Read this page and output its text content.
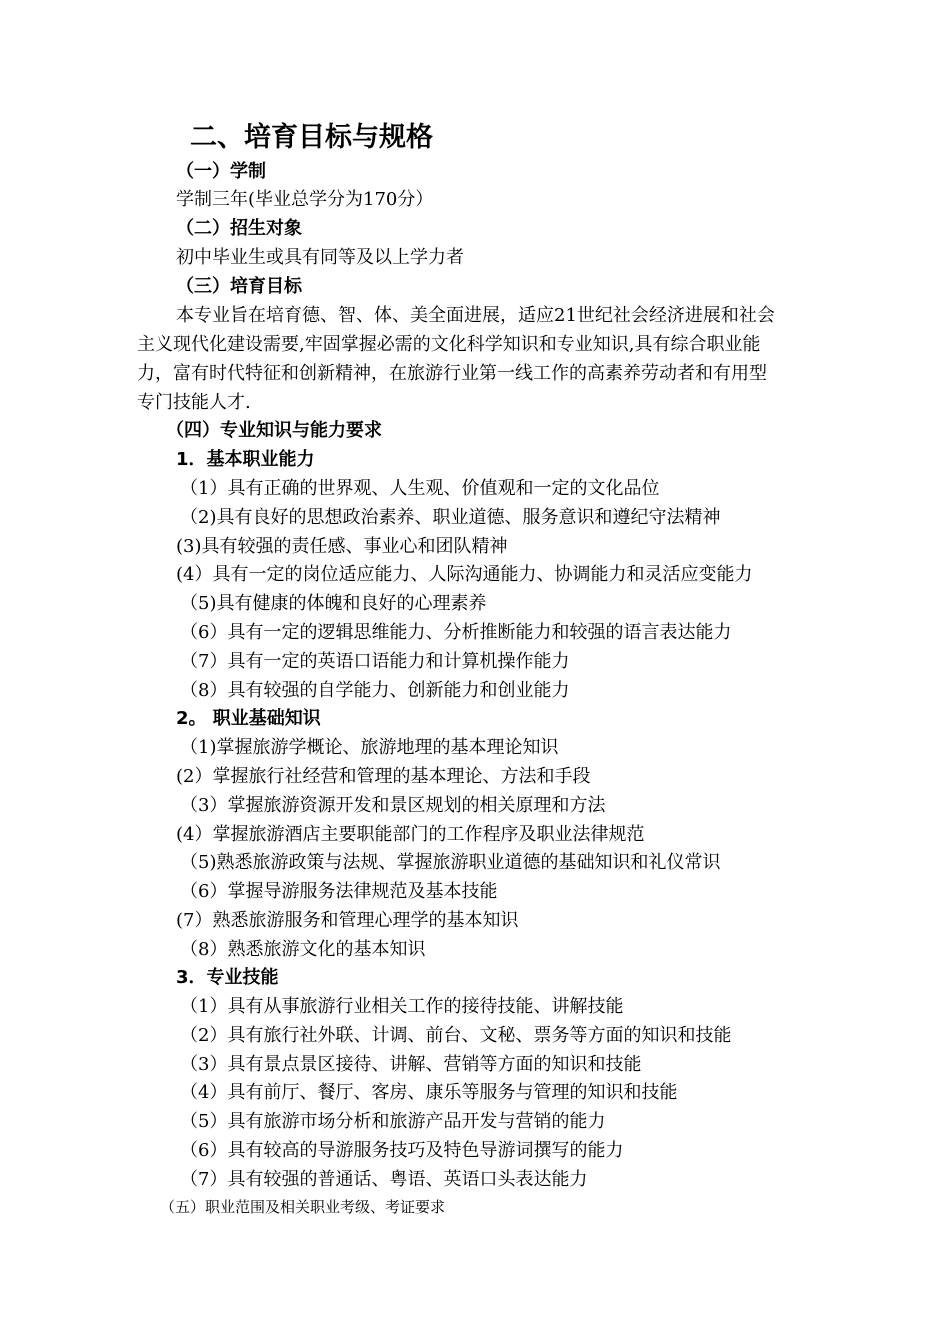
二、培育目标与规格
（一）学制
学制三年(毕业总学分为170分）
（二）招生对象
初中毕业生或具有同等及以上学力者
（三）培育目标
本专业旨在培育德、智、体、美全面进展，适应21世纪社会经济进展和社会
主义现代化建设需要,牢固掌握必需的文化科学知识和专业知识,具有综合职业能
力，富有时代特征和创新精神，在旅游行业第一线工作的高素养劳动者和有用型
专门技能人才.
（四）专业知识与能力要求
1．基本职业能力
（1）具有正确的世界观、人生观、价值观和一定的文化品位
（2)具有良好的思想政治素养、职业道德、服务意识和遵纪守法精神
(3)具有较强的责任感、事业心和团队精神
(4）具有一定的岗位适应能力、人际沟通能力、协调能力和灵活应变能力
（5)具有健康的体魄和良好的心理素养
（6）具有一定的逻辑思维能力、分析推断能力和较强的语言表达能力
（7）具有一定的英语口语能力和计算机操作能力
（8）具有较强的自学能力、创新能力和创业能力
2。 职业基础知识
（1)掌握旅游学概论、旅游地理的基本理论知识
(2）掌握旅行社经营和管理的基本理论、方法和手段
（3）掌握旅游资源开发和景区规划的相关原理和方法
(4）掌握旅游酒店主要职能部门的工作程序及职业法律规范
（5)熟悉旅游政策与法规、掌握旅游职业道德的基础知识和礼仪常识
（6）掌握导游服务法律规范及基本技能
(7）熟悉旅游服务和管理心理学的基本知识
（8）熟悉旅游文化的基本知识
3．专业技能
（1）具有从事旅游行业相关工作的接待技能、讲解技能
（2）具有旅行社外联、计调、前台、文秘、票务等方面的知识和技能
（3）具有景点景区接待、讲解、营销等方面的知识和技能
（4）具有前厅、餐厅、客房、康乐等服务与管理的知识和技能
（5）具有旅游市场分析和旅游产品开发与营销的能力
（6）具有较高的导游服务技巧及特色导游词撰写的能力
（7）具有较强的普通话、粤语、英语口头表达能力
（五）职业范围及相关职业考级、考证要求
